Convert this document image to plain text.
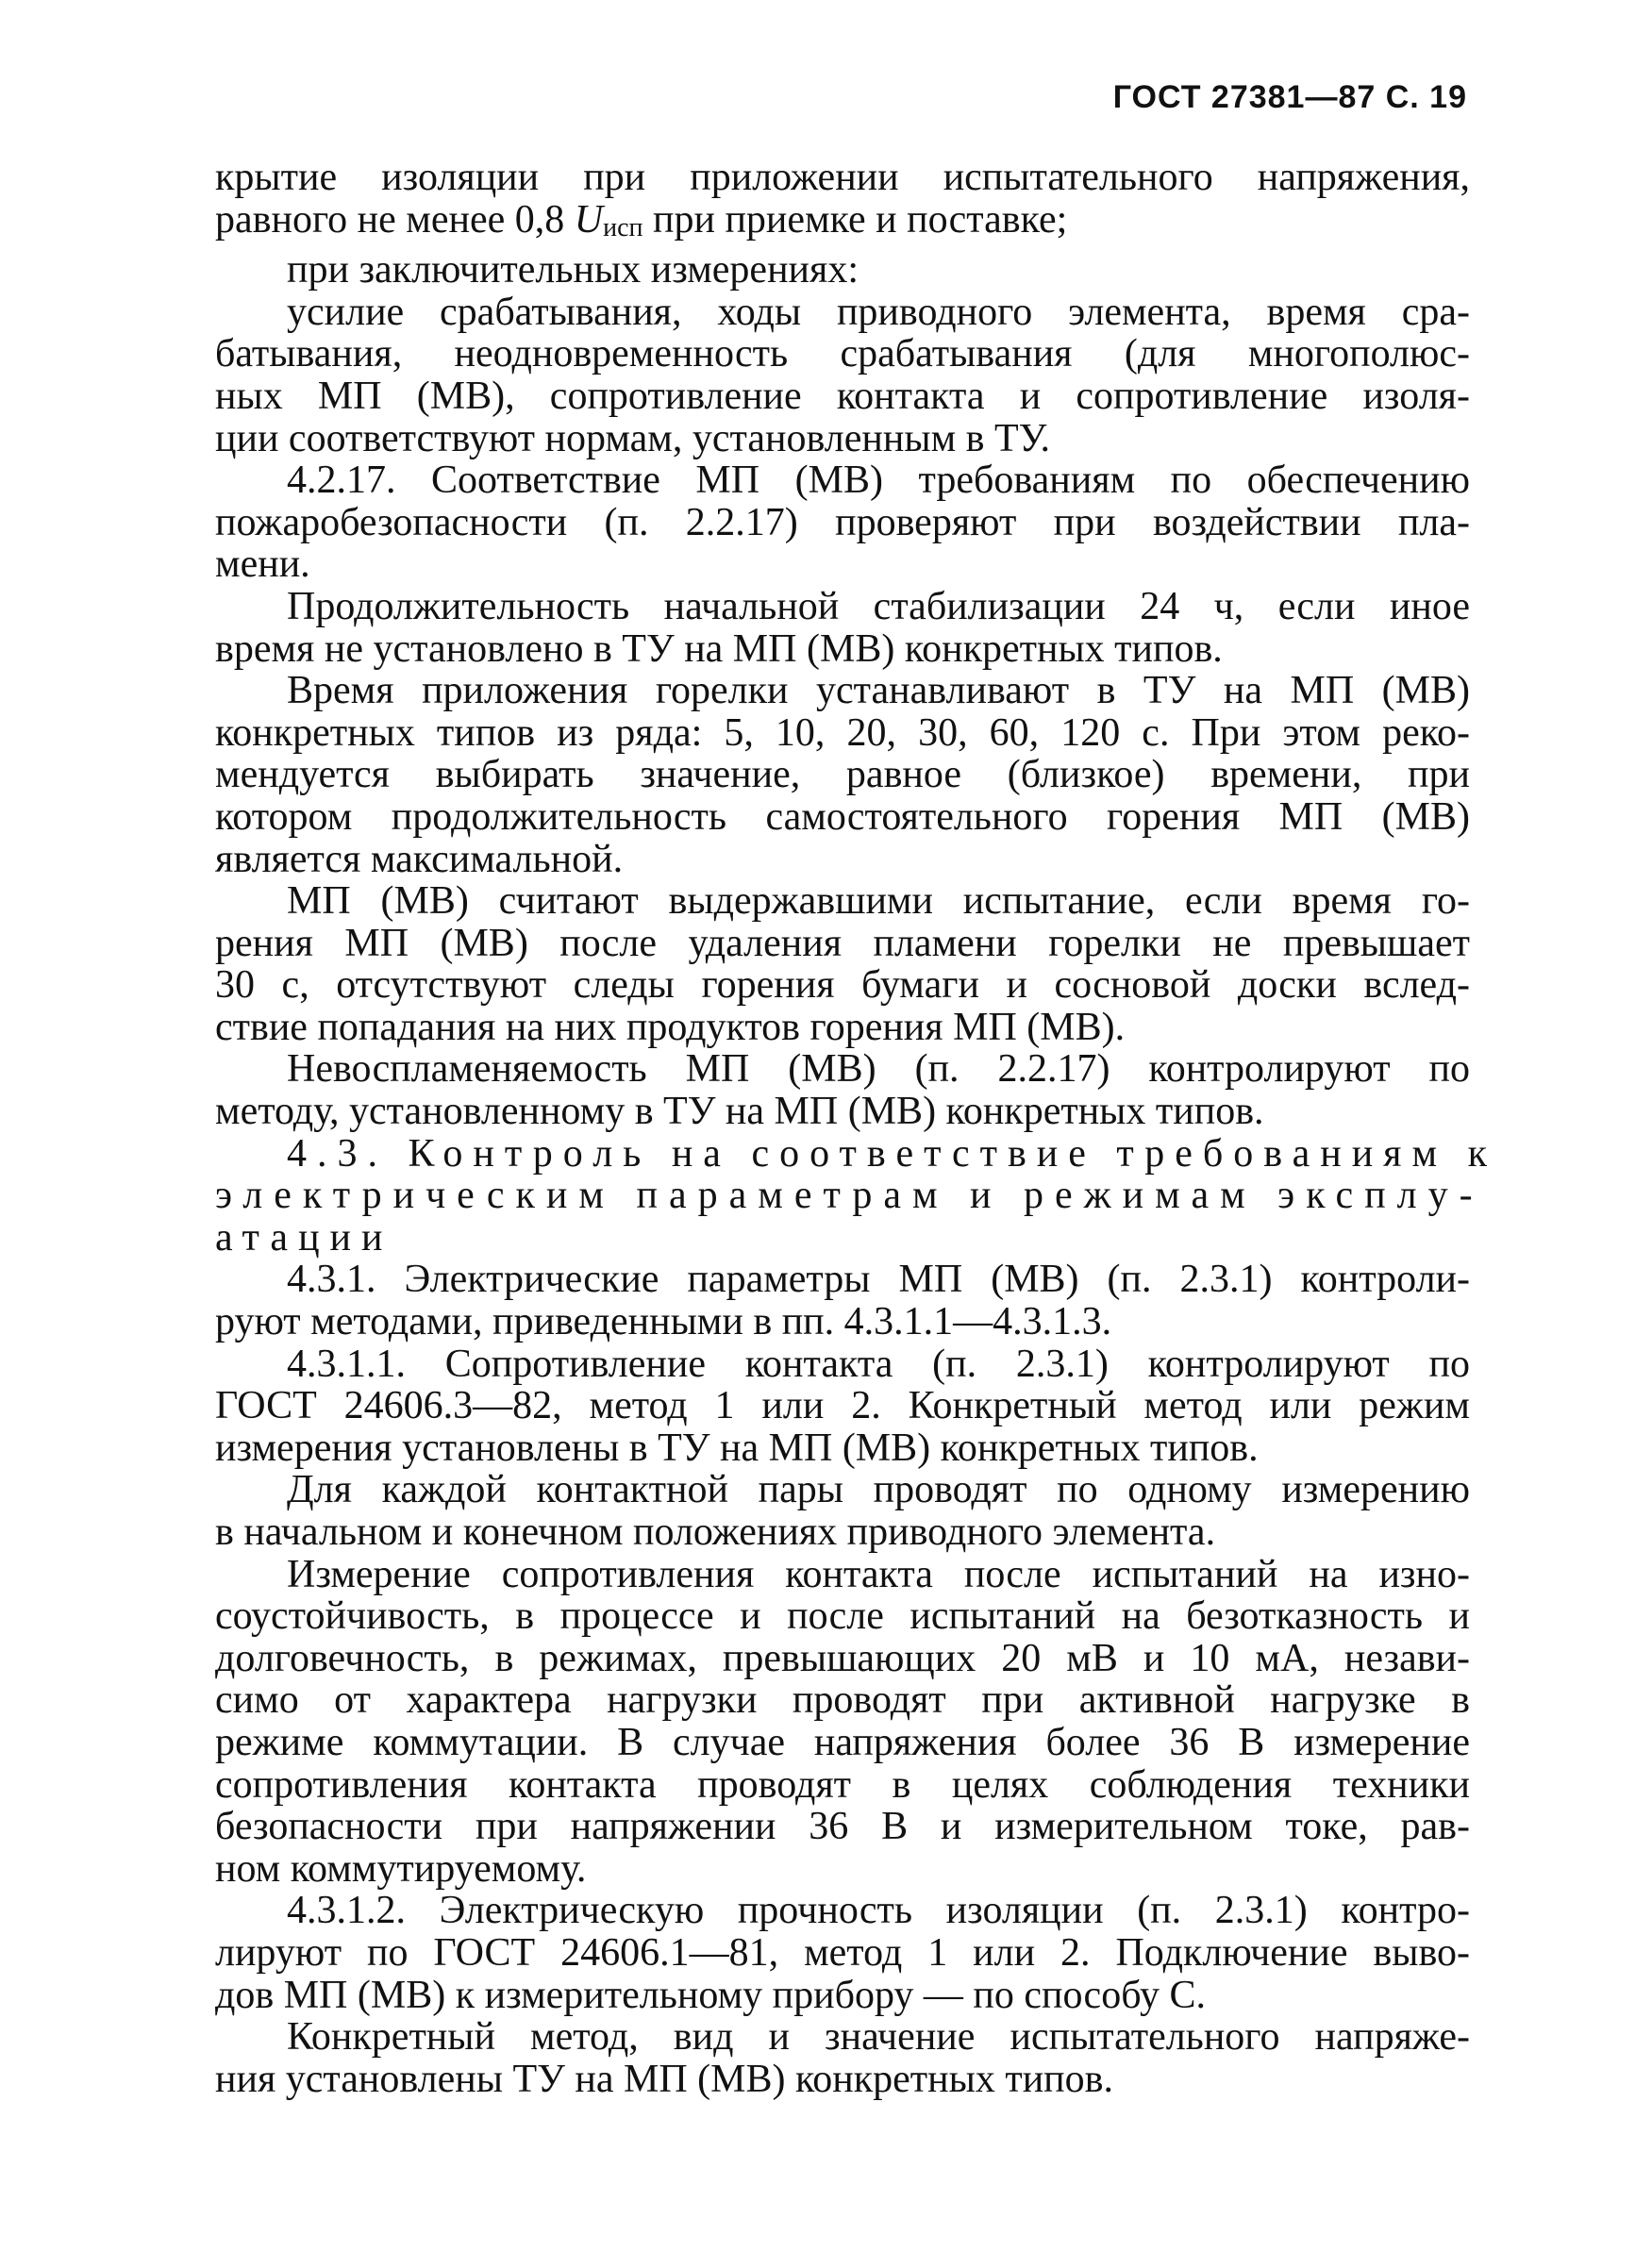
ГОСТ 27381—87 С. 19
крытие изоляции при приложении испытательного напряжения,
равного не менее 0,8 Uисп при приемке и поставке;
при заключительных измерениях:
усилие срабатывания, ходы приводного элемента, время сра-
батывания, неодновременность срабатывания (для многополюс-
ных МП (МВ), сопротивление контакта и сопротивление изоля-
ции соответствуют нормам, установленным в ТУ.
4.2.17. Соответствие МП (МВ) требованиям по обеспечению
пожаробезопасности (п. 2.2.17) проверяют при воздействии пла-
мени.
Продолжительность начальной стабилизации 24 ч, если иное
время не установлено в ТУ на МП (МВ) конкретных типов.
Время приложения горелки устанавливают в ТУ на МП (МВ)
конкретных типов из ряда: 5, 10, 20, 30, 60, 120 с. При этом реко-
мендуется выбирать значение, равное (близкое) времени, при
котором продолжительность самостоятельного горения МП (МВ)
является максимальной.
МП (МВ) считают выдержавшими испытание, если время го-
рения МП (МВ) после удаления пламени горелки не превышает
30 с, отсутствуют следы горения бумаги и сосновой доски вслед-
ствие попадания на них продуктов горения МП (МВ).
Невоспламеняемость МП (МВ) (п. 2.2.17) контролируют по
методу, установленному в ТУ на МП (МВ) конкретных типов.
4.3. Контроль на соответствие требованиям к
электрическим параметрам и режимам эксплу-
атации
4.3.1. Электрические параметры МП (МВ) (п. 2.3.1) контроли-
руют методами, приведенными в пп. 4.3.1.1—4.3.1.3.
4.3.1.1. Сопротивление контакта (п. 2.3.1) контролируют по
ГОСТ 24606.3—82, метод 1 или 2. Конкретный метод или режим
измерения установлены в ТУ на МП (МВ) конкретных типов.
Для каждой контактной пары проводят по одному измерению
в начальном и конечном положениях приводного элемента.
Измерение сопротивления контакта после испытаний на изно-
соустойчивость, в процессе и после испытаний на безотказность и
долговечность, в режимах, превышающих 20 мВ и 10 мА, незави-
симо от характера нагрузки проводят при активной нагрузке в
режиме коммутации. В случае напряжения более 36 В измерение
сопротивления контакта проводят в целях соблюдения техники
безопасности при напряжении 36 В и измерительном токе, рав-
ном коммутируемому.
4.3.1.2. Электрическую прочность изоляции (п. 2.3.1) контро-
лируют по ГОСТ 24606.1—81, метод 1 или 2. Подключение выво-
дов МП (МВ) к измерительному прибору — по способу С.
Конкретный метод, вид и значение испытательного напряже-
ния установлены ТУ на МП (МВ) конкретных типов.
